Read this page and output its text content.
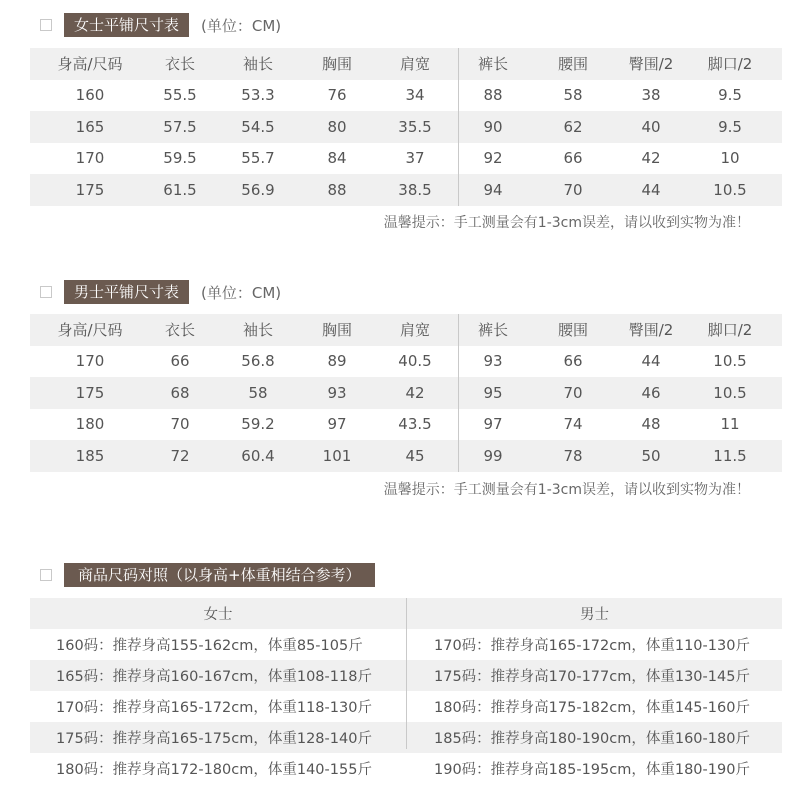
女士平铺尺寸表	(单位：CM)
身高/尺码	衣长	袖长	胸围	肩宽	裤长	腰围	臀围/2	脚口/2
160	55.5	53.3	76	34	88	58	38	9.5
165	57.5	54.5	80	35.5	90	62	40	9.5
170	59.5	55.7	84	37	92	66	42	10
175	61.5	56.9	88	38.5	94	70	44	10.5
温馨提示：手工测量会有1-3cm误差，请以收到实物为准！
男士平铺尺寸表	(单位：CM)
身高/尺码	衣长	袖长	胸围	肩宽	裤长	腰围	臀围/2	脚口/2
170	66	56.8	89	40.5	93	66	44	10.5
175	68	58	93	42	95	70	46	10.5
180	70	59.2	97	43.5	97	74	48	11
185	72	60.4	101	45	99	78	50	11.5
温馨提示：手工测量会有1-3cm误差，请以收到实物为准！
商品尺码对照（以身高+体重相结合参考）
女士	男士
160码：推荐身高155-162cm，体重85-105斤	170码：推荐身高165-172cm，体重110-130斤
165码：推荐身高160-167cm，体重108-118斤	175码：推荐身高170-177cm，体重130-145斤
170码：推荐身高165-172cm，体重118-130斤	180码：推荐身高175-182cm，体重145-160斤
175码：推荐身高165-175cm，体重128-140斤	185码：推荐身高180-190cm，体重160-180斤
180码：推荐身高172-180cm，体重140-155斤	190码：推荐身高185-195cm，体重180-190斤
